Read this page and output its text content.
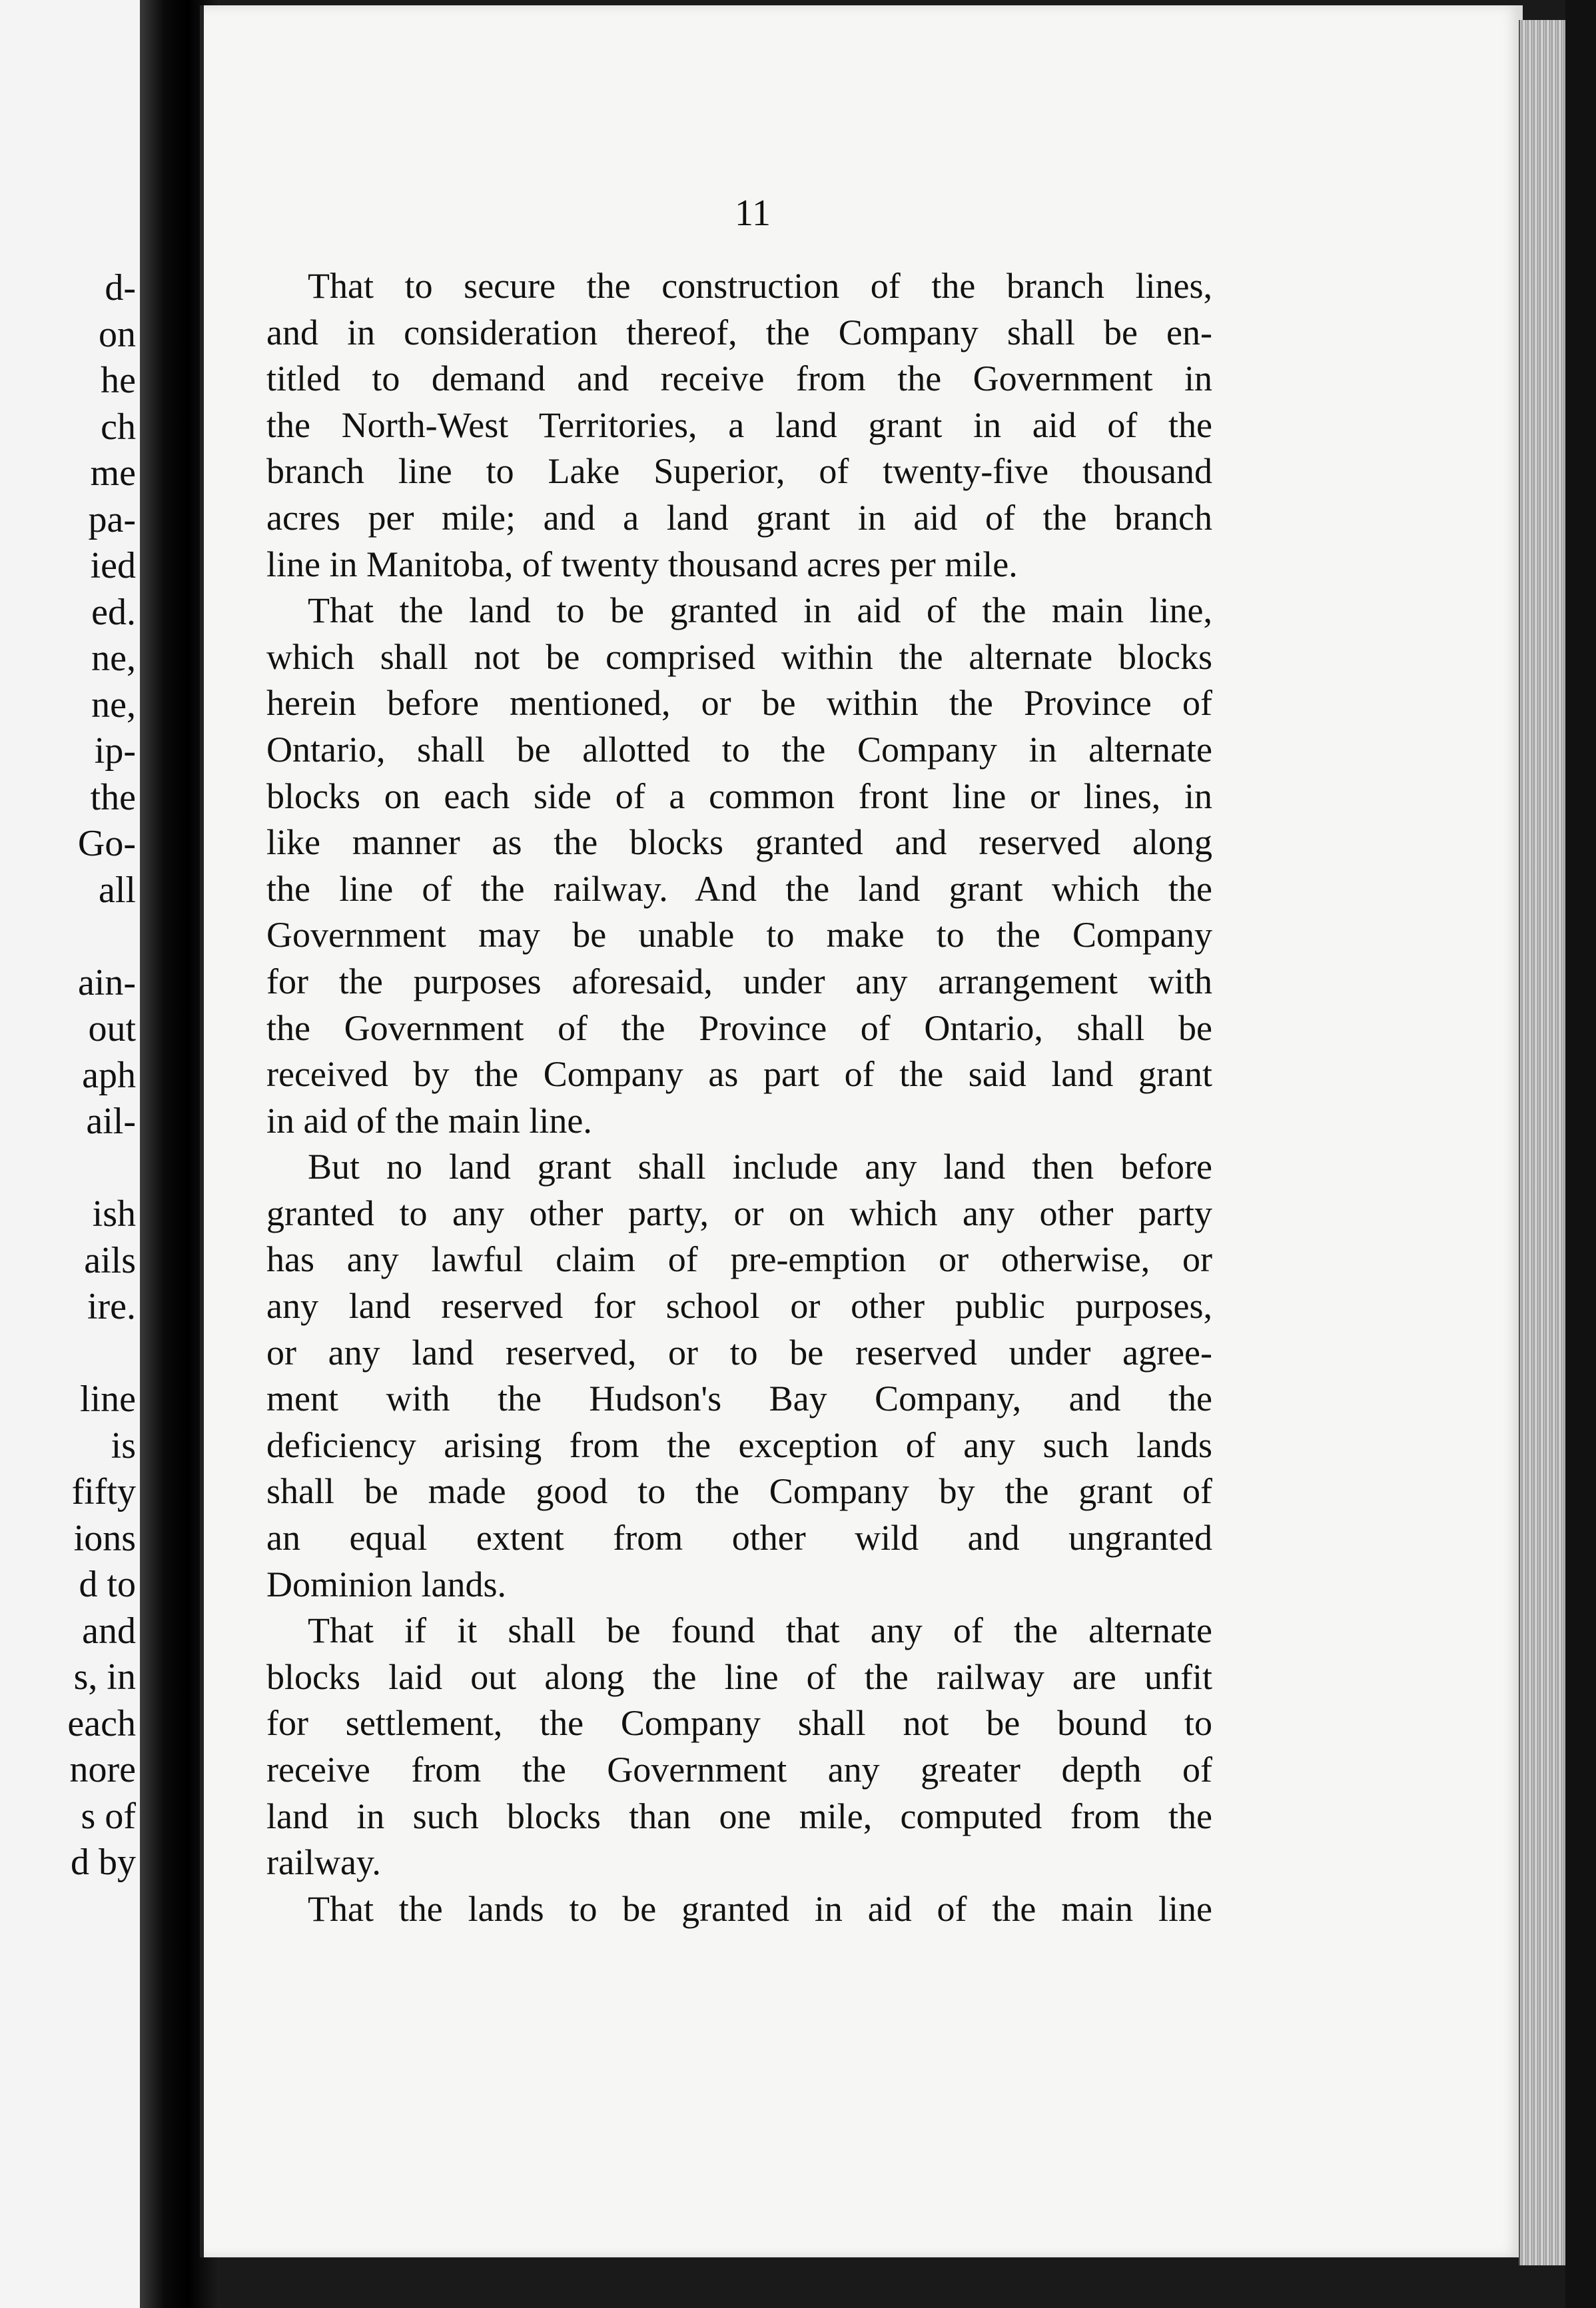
d-
on
he
ch
me
pa-
ied
ed.
ne,
ne,
ip-
the
Go-
all
ain-
out
aph
ail-
ish
ails
ire.
line
is
fifty
ions
d to
and
s, in
each
nore
s of
d by
11
That to secure the construction of the branch lines,
and in consideration thereof, the Company shall be en-
titled to demand and receive from the Government in
the North-West Territories, a land grant in aid of the
branch line to Lake Superior, of twenty-five thousand
acres per mile; and a land grant in aid of the branch
line in Manitoba, of twenty thousand acres per mile.
That the land to be granted in aid of the main line,
which shall not be comprised within the alternate blocks
herein before mentioned, or be within the Province of
Ontario, shall be allotted to the Company in alternate
blocks on each side of a common front line or lines, in
like manner as the blocks granted and reserved along
the line of the railway. And the land grant which the
Government may be unable to make to the Company
for the purposes aforesaid, under any arrangement with
the Government of the Province of Ontario, shall be
received by the Company as part of the said land grant
in aid of the main line.
But no land grant shall include any land then before
granted to any other party, or on which any other party
has any lawful claim of pre-emption or otherwise, or
any land reserved for school or other public purposes,
or any land reserved, or to be reserved under agree-
ment with the Hudson's Bay Company, and the
deficiency arising from the exception of any such lands
shall be made good to the Company by the grant of
an equal extent from other wild and ungranted
Dominion lands.
That if it shall be found that any of the alternate
blocks laid out along the line of the railway are unfit
for settlement, the Company shall not be bound to
receive from the Government any greater depth of
land in such blocks than one mile, computed from the
railway.
That the lands to be granted in aid of the main line
